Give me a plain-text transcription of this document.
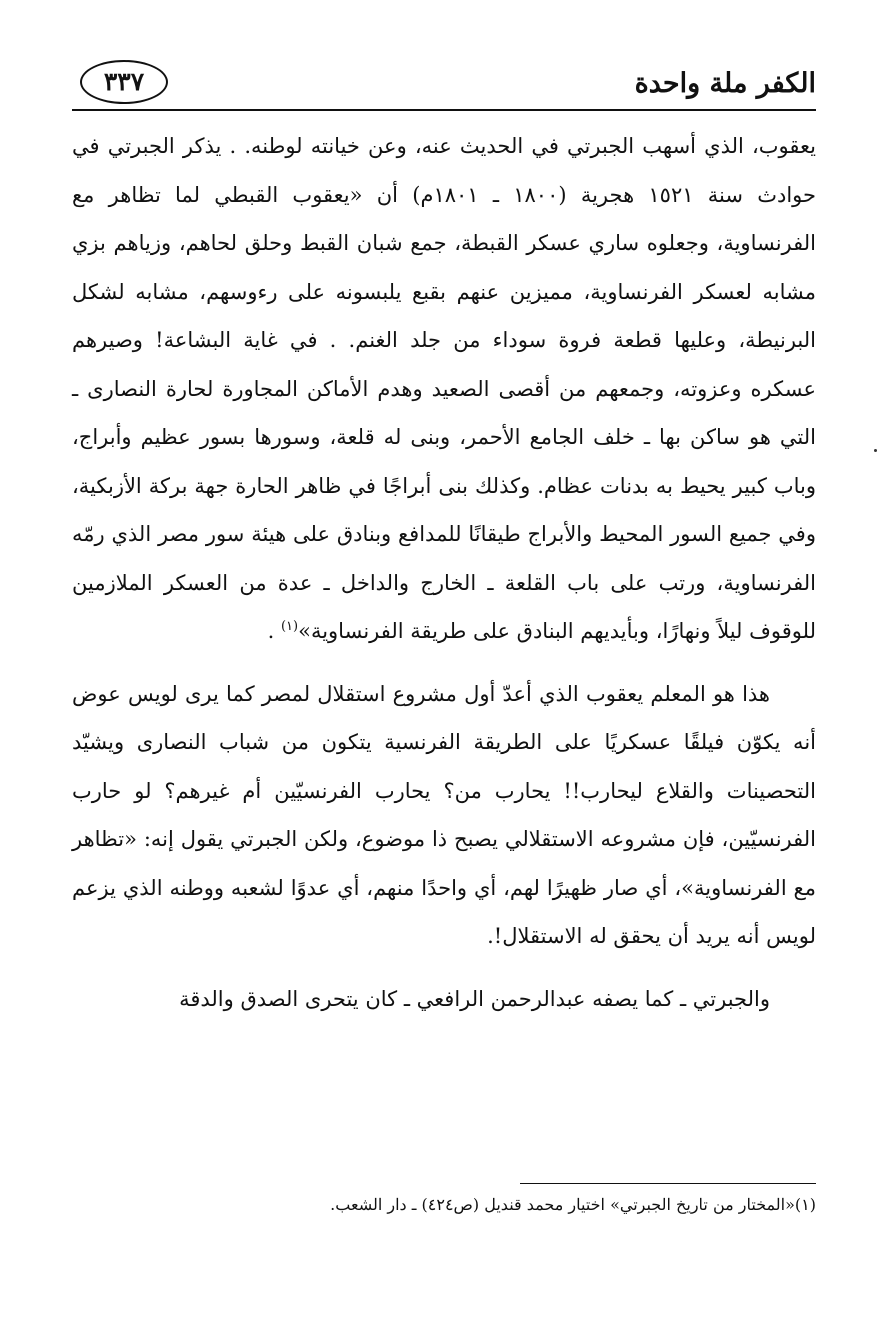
الكفر ملة واحدة
٣٣٧

يعقوب، الذي أسهب الجبرتي في الحديث عنه، وعن خيانته لوطنه. . يذكر الجبرتي في حوادث سنة ١٥٢١ هجرية (١٨٠٠ ـ ١٨٠١م) أن «يعقوب القبطي لما تظاهر مع الفرنساوية، وجعلوه ساري عسكر القبطة، جمع شبان القبط وحلق لحاهم، وزياهم بزي مشابه لعسكر الفرنساوية، مميزين عنهم بقبع يلبسونه على رءوسهم، مشابه لشكل البرنيطة، وعليها قطعة فروة سوداء من جلد الغنم. . في غاية البشاعة! وصيرهم عسكره وعزوته، وجمعهم من أقصى الصعيد وهدم الأماكن المجاورة لحارة النصارى ـ التي هو ساكن بها ـ خلف الجامع الأحمر، وبنى له قلعة، وسورها بسور عظيم وأبراج، وباب كبير يحيط به بدنات عظام. وكذلك بنى أبراجًا في ظاهر الحارة جهة بركة الأزبكية، وفي جميع السور المحيط والأبراج طيقانًا للمدافع وبنادق على هيئة سور مصر الذي رمّه الفرنساوية، ورتب على باب القلعة ـ الخارج والداخل ـ عدة من العسكر الملازمين للوقوف ليلاً ونهارًا، وبأيديهم البنادق على طريقة الفرنساوية»$^{(١)}$ .

هذا هو المعلم يعقوب الذي أعدّ أول مشروع استقلال لمصر كما يرى لويس عوض أنه يكوّن فيلقًا عسكريًا على الطريقة الفرنسية يتكون من شباب النصارى ويشيّد التحصينات والقلاع ليحارب!! يحارب من؟ يحارب الفرنسيّين أم غيرهم؟ لو حارب الفرنسيّين، فإن مشروعه الاستقلالي يصبح ذا موضوع، ولكن الجبرتي يقول إنه: «تظاهر مع الفرنساوية»، أي صار ظهيرًا لهم، أي واحدًا منهم، أي عدوًا لشعبه ووطنه الذي يزعم لويس أنه يريد أن يحقق له الاستقلال!.

والجبرتي ـ كما يصفه عبدالرحمن الرافعي ـ كان يتحرى الصدق والدقة

(١)«المختار من تاريخ الجبرتي» اختيار محمد قنديل (ص٤٢٤) ـ دار الشعب.
